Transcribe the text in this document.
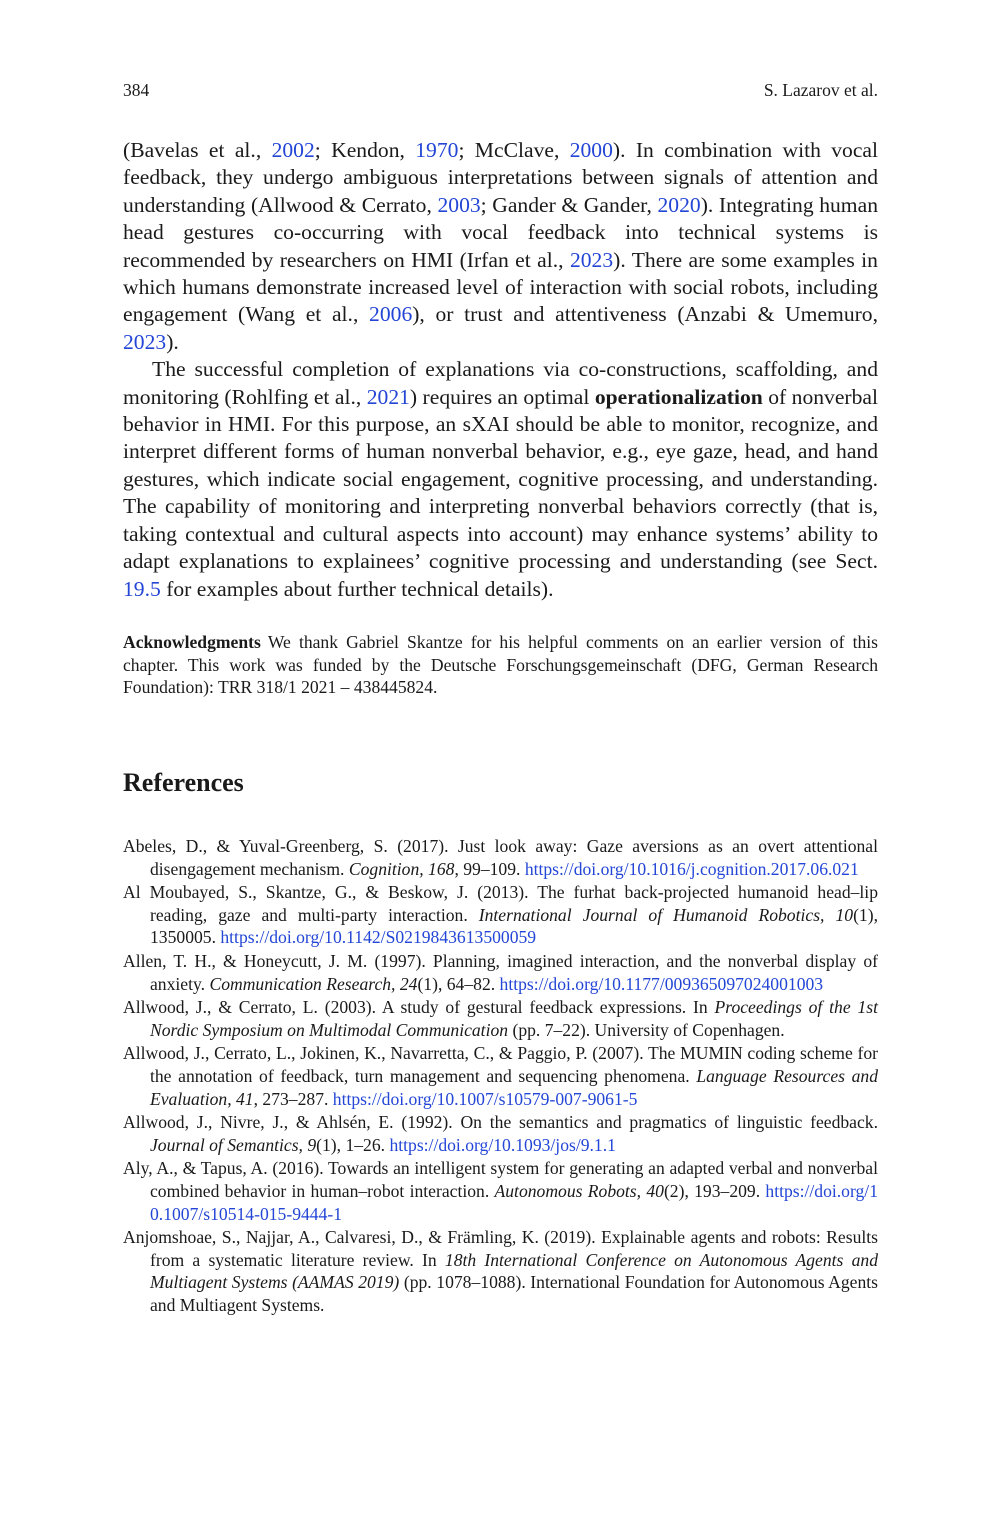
384	S. Lazarov et al.

(Bavelas et al., 2002; Kendon, 1970; McClave, 2000). In combination with vocal feedback, they undergo ambiguous interpretations between signals of attention and understanding (Allwood & Cerrato, 2003; Gander & Gander, 2020). Integrating human head gestures co-occurring with vocal feedback into technical systems is recommended by researchers on HMI (Irfan et al., 2023). There are some examples in which humans demonstrate increased level of interaction with social robots, including engagement (Wang et al., 2006), or trust and attentiveness (Anzabi & Umemuro, 2023).

The successful completion of explanations via co-constructions, scaffolding, and monitoring (Rohlfing et al., 2021) requires an optimal operationalization of nonverbal behavior in HMI. For this purpose, an sXAI should be able to monitor, recognize, and interpret different forms of human nonverbal behavior, e.g., eye gaze, head, and hand gestures, which indicate social engagement, cognitive processing, and understanding. The capability of monitoring and interpreting nonverbal behaviors correctly (that is, taking contextual and cultural aspects into account) may enhance systems’ ability to adapt explanations to explainees’ cognitive processing and understanding (see Sect. 19.5 for examples about further technical details).

Acknowledgments We thank Gabriel Skantze for his helpful comments on an earlier version of this chapter. This work was funded by the Deutsche Forschungsgemeinschaft (DFG, German Research Foundation): TRR 318/1 2021 – 438445824.
References

Abeles, D., & Yuval-Greenberg, S. (2017). Just look away: Gaze aversions as an overt attentional disengagement mechanism. Cognition, 168, 99–109. https://doi.org/10.1016/j.cognition.2017.06.021

Al Moubayed, S., Skantze, G., & Beskow, J. (2013). The furhat back-projected humanoid head–lip reading, gaze and multi-party interaction. International Journal of Humanoid Robotics, 10(1), 1350005. https://doi.org/10.1142/S0219843613500059

Allen, T. H., & Honeycutt, J. M. (1997). Planning, imagined interaction, and the nonverbal display of anxiety. Communication Research, 24(1), 64–82. https://doi.org/10.1177/009365097024001003

Allwood, J., & Cerrato, L. (2003). A study of gestural feedback expressions. In Proceedings of the 1st Nordic Symposium on Multimodal Communication (pp. 7–22). University of Copenhagen.

Allwood, J., Cerrato, L., Jokinen, K., Navarretta, C., & Paggio, P. (2007). The MUMIN coding scheme for the annotation of feedback, turn management and sequencing phenomena. Language Resources and Evaluation, 41, 273–287. https://doi.org/10.1007/s10579-007-9061-5

Allwood, J., Nivre, J., & Ahlsén, E. (1992). On the semantics and pragmatics of linguistic feedback. Journal of Semantics, 9(1), 1–26. https://doi.org/10.1093/jos/9.1.1

Aly, A., & Tapus, A. (2016). Towards an intelligent system for generating an adapted verbal and nonverbal combined behavior in human–robot interaction. Autonomous Robots, 40(2), 193–209. https://doi.org/10.1007/s10514-015-9444-1

Anjomshoae, S., Najjar, A., Calvaresi, D., & Främling, K. (2019). Explainable agents and robots: Results from a systematic literature review. In 18th International Conference on Autonomous Agents and Multiagent Systems (AAMAS 2019) (pp. 1078–1088). International Foundation for Autonomous Agents and Multiagent Systems.
